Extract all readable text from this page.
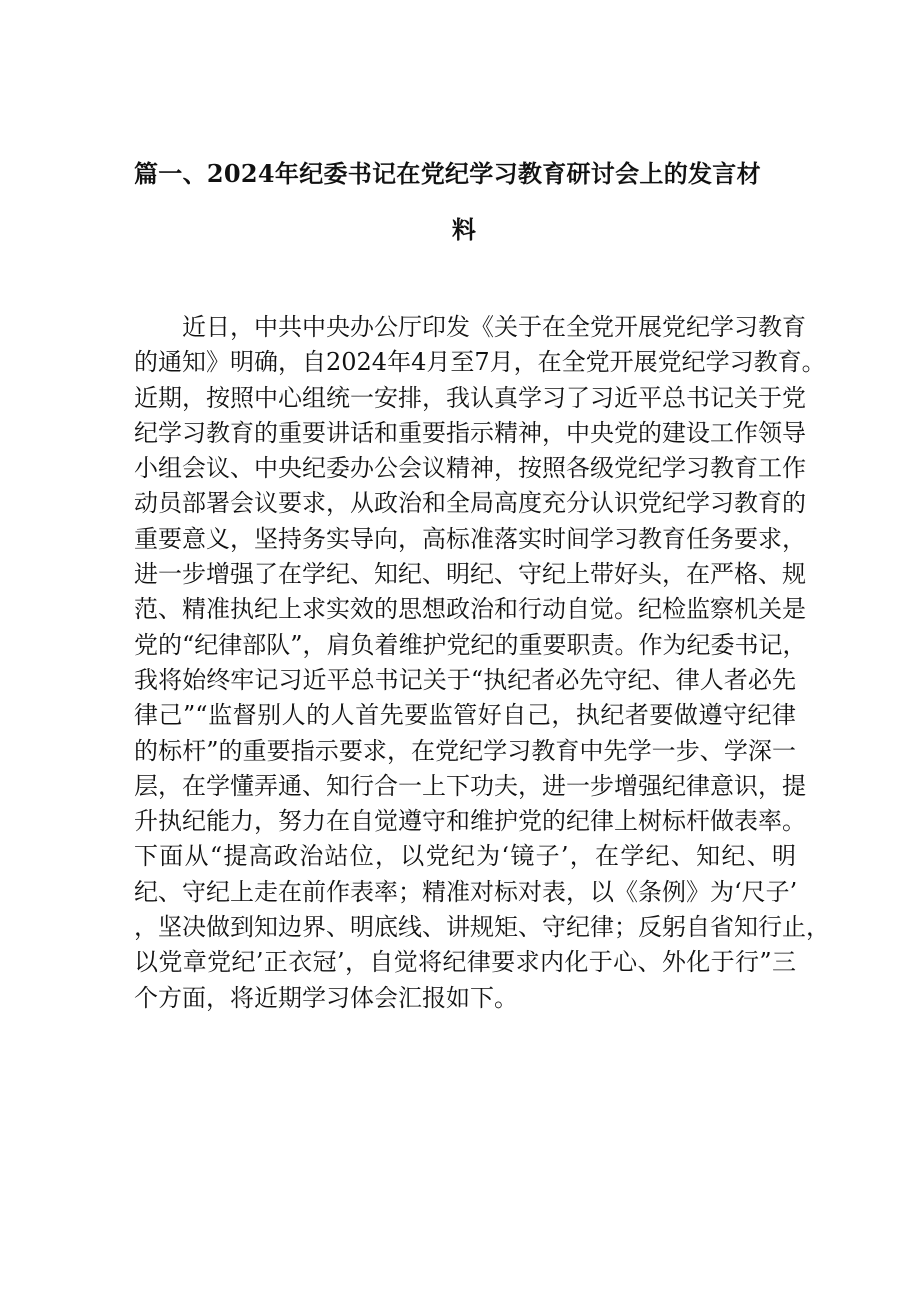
篇一、2024年纪委书记在党纪学习教育研讨会上的发言材
料
近日，中共中央办公厅印发《关于在全党开展党纪学习教育
的通知》明确，自2024年4月至7月，在全党开展党纪学习教育。
近期，按照中心组统一安排，我认真学习了习近平总书记关于党
纪学习教育的重要讲话和重要指示精神，中央党的建设工作领导
小组会议、中央纪委办公会议精神，按照各级党纪学习教育工作
动员部署会议要求，从政治和全局高度充分认识党纪学习教育的
重要意义，坚持务实导向，高标准落实时间学习教育任务要求，
进一步增强了在学纪、知纪、明纪、守纪上带好头，在严格、规
范、精准执纪上求实效的思想政治和行动自觉。纪检监察机关是
党的“纪律部队”，肩负着维护党纪的重要职责。作为纪委书记，
我将始终牢记习近平总书记关于“执纪者必先守纪、律人者必先
律己”“监督别人的人首先要监管好自己，执纪者要做遵守纪律
的标杆”的重要指示要求，在党纪学习教育中先学一步、学深一
层，在学懂弄通、知行合一上下功夫，进一步增强纪律意识，提
升执纪能力，努力在自觉遵守和维护党的纪律上树标杆做表率。
下面从“提高政治站位，以党纪为‘镜子’，在学纪、知纪、明
纪、守纪上走在前作表率；精准对标对表，以《条例》为‘尺子’
，坚决做到知边界、明底线、讲规矩、守纪律；反躬自省知行止，
以党章党纪’正衣冠’，自觉将纪律要求内化于心、外化于行”三
个方面，将近期学习体会汇报如下。
